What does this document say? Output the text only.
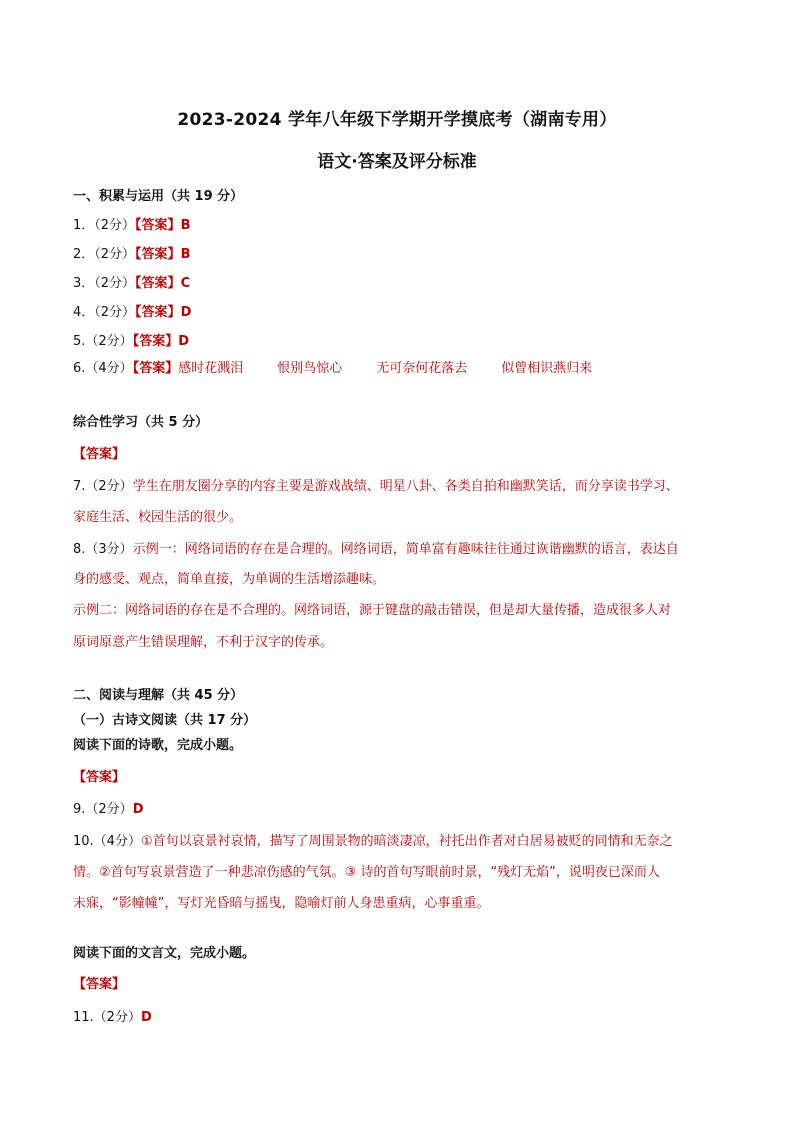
2023-2024 学年八年级下学期开学摸底考（湖南专用）
语文·答案及评分标准
一、积累与运用（共 19 分）
1．（2分）【答案】B
2．（2分）【答案】B
3．（2分）【答案】C
4．（2分）【答案】D
5.（2分）【答案】D
6.（4分）【答案】感时花溅泪	恨别鸟惊心	无可奈何花落去	似曾相识燕归来
综合性学习（共 5 分）
【答案】
7.（2分）学生在朋友圈分享的内容主要是游戏战绩、明星八卦、各类自拍和幽默笑话，而分享读书学习、
家庭生活、校园生活的很少。
8.（3分）示例一：网络词语的存在是合理的。网络词语，简单富有趣味往往通过诙谐幽默的语言，表达自
身的感受、观点，简单直接，为单调的生活增添趣味。
示例二：网络词语的存在是不合理的。网络词语，源于键盘的敲击错误，但是却大量传播，造成很多人对
原词原意产生错误理解，不利于汉字的传承。
二、阅读与理解（共 45 分）
（一）古诗文阅读（共 17 分）
阅读下面的诗歌，完成小题。
【答案】
9.（2分）D
10.（4分）①首句以哀景衬哀情，描写了周围景物的暗淡凄凉，衬托出作者对白居易被贬的同情和无奈之
情。②首句写哀景营造了一种悲凉伤感的气氛。③ 诗的首句写眼前时景，“残灯无焰”，说明夜已深而人
未寐，“影幢幢”，写灯光昏暗与摇曳，隐喻灯前人身患重病，心事重重。
阅读下面的文言文，完成小题。
【答案】
11.（2分）D
